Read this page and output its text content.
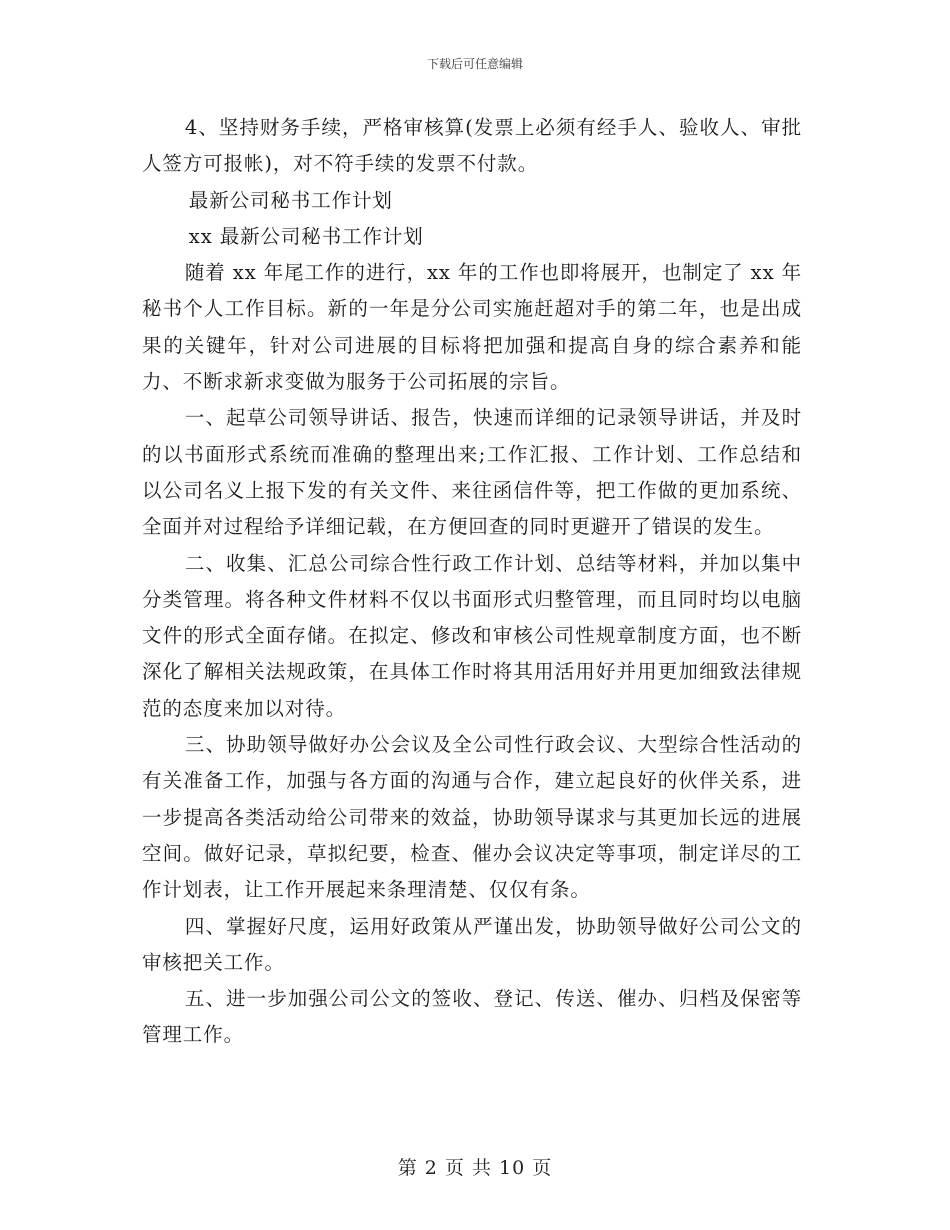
下载后可任意编辑

4、坚持财务手续，严格审核算(发票上必须有经手人、验收人、审批人签方可报帐)，对不符手续的发票不付款。

最新公司秘书工作计划

xx 最新公司秘书工作计划

随着 xx 年尾工作的进行，xx 年的工作也即将展开，也制定了 xx 年秘书个人工作目标。新的一年是分公司实施赶超对手的第二年，也是出成果的关键年，针对公司进展的目标将把加强和提高自身的综合素养和能力、不断求新求变做为服务于公司拓展的宗旨。

一、起草公司领导讲话、报告，快速而详细的记录领导讲话，并及时的以书面形式系统而准确的整理出来;工作汇报、工作计划、工作总结和以公司名义上报下发的有关文件、来往函信件等，把工作做的更加系统、全面并对过程给予详细记载，在方便回查的同时更避开了错误的发生。

二、收集、汇总公司综合性行政工作计划、总结等材料，并加以集中分类管理。将各种文件材料不仅以书面形式归整管理，而且同时均以电脑文件的形式全面存储。在拟定、修改和审核公司性规章制度方面，也不断深化了解相关法规政策，在具体工作时将其用活用好并用更加细致法律规范的态度来加以对待。

三、协助领导做好办公会议及全公司性行政会议、大型综合性活动的有关准备工作，加强与各方面的沟通与合作，建立起良好的伙伴关系，进一步提高各类活动给公司带来的效益，协助领导谋求与其更加长远的进展空间。做好记录，草拟纪要，检查、催办会议决定等事项，制定详尽的工作计划表，让工作开展起来条理清楚、仅仅有条。

四、掌握好尺度，运用好政策从严谨出发，协助领导做好公司公文的审核把关工作。

五、进一步加强公司公文的签收、登记、传送、催办、归档及保密等管理工作。

第 2 页 共 10 页
